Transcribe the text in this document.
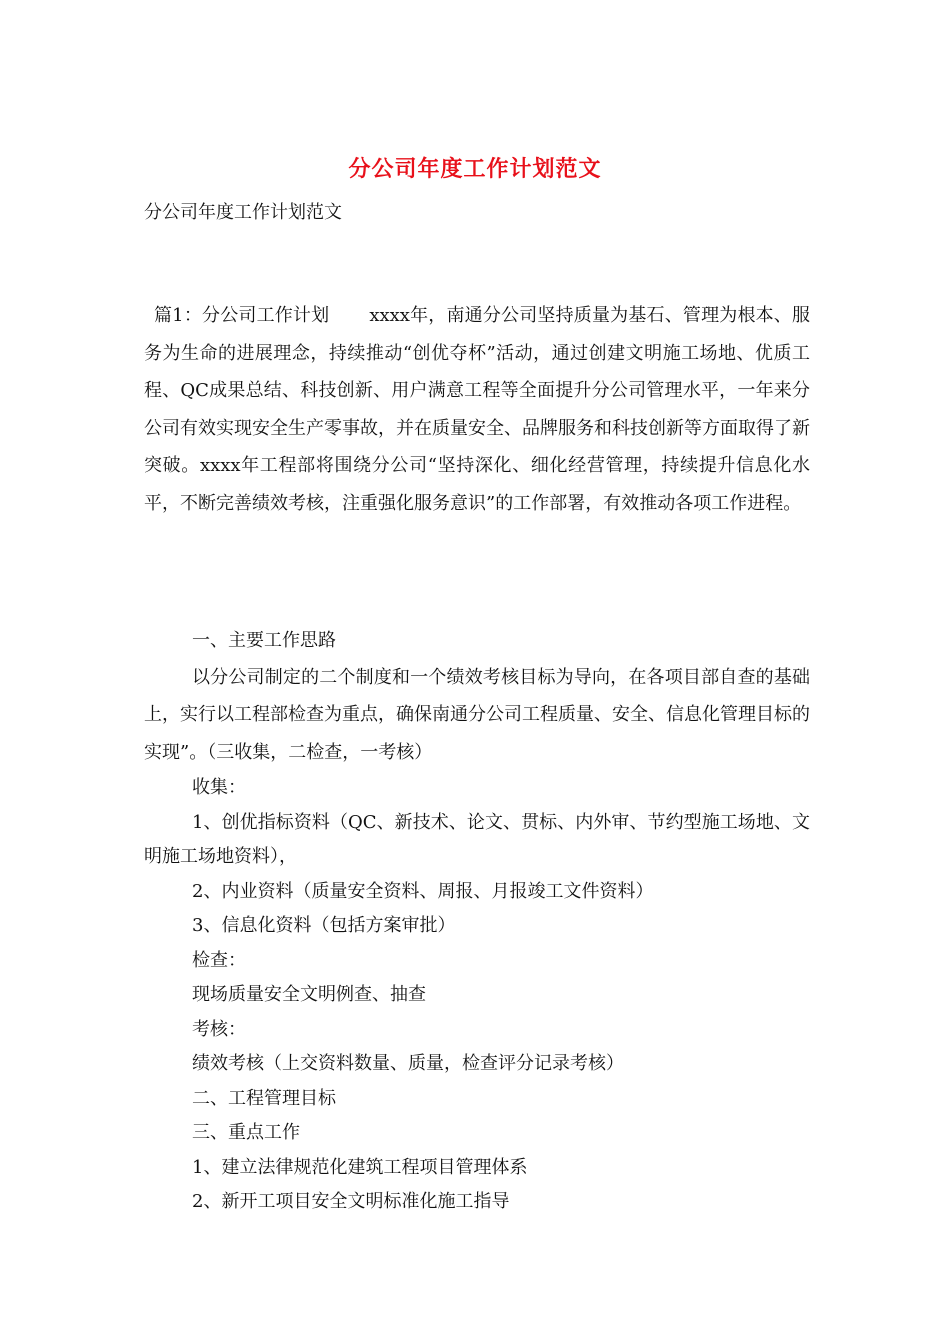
分公司年度工作计划范文
分公司年度工作计划范文
篇1：分公司工作计划 xxxx年，南通分公司坚持质量为基石、管理为根本、服务为生命的进展理念，持续推动“创优夺杯”活动，通过创建文明施工场地、优质工程、QC成果总结、科技创新、用户满意工程等全面提升分公司管理水平，一年来分公司有效实现安全生产零事故，并在质量安全、品牌服务和科技创新等方面取得了新突破。xxxx年工程部将围绕分公司“坚持深化、细化经营管理，持续提升信息化水平，不断完善绩效考核，注重强化服务意识”的工作部署，有效推动各项工作进程。
一、主要工作思路
以分公司制定的二个制度和一个绩效考核目标为导向，在各项目部自查的基础上，实行以工程部检查为重点，确保南通分公司工程质量、安全、信息化管理目标的实现”。（三收集，二检查，一考核）
收集：
1、创优指标资料（QC、新技术、论文、贯标、内外审、节约型施工场地、文明施工场地资料），
2、内业资料（质量安全资料、周报、月报竣工文件资料）
3、信息化资料（包括方案审批）
检查：
现场质量安全文明例查、抽查
考核：
绩效考核（上交资料数量、质量，检查评分记录考核）
二、工程管理目标
三、重点工作
1、建立法律规范化建筑工程项目管理体系
2、新开工项目安全文明标准化施工指导
